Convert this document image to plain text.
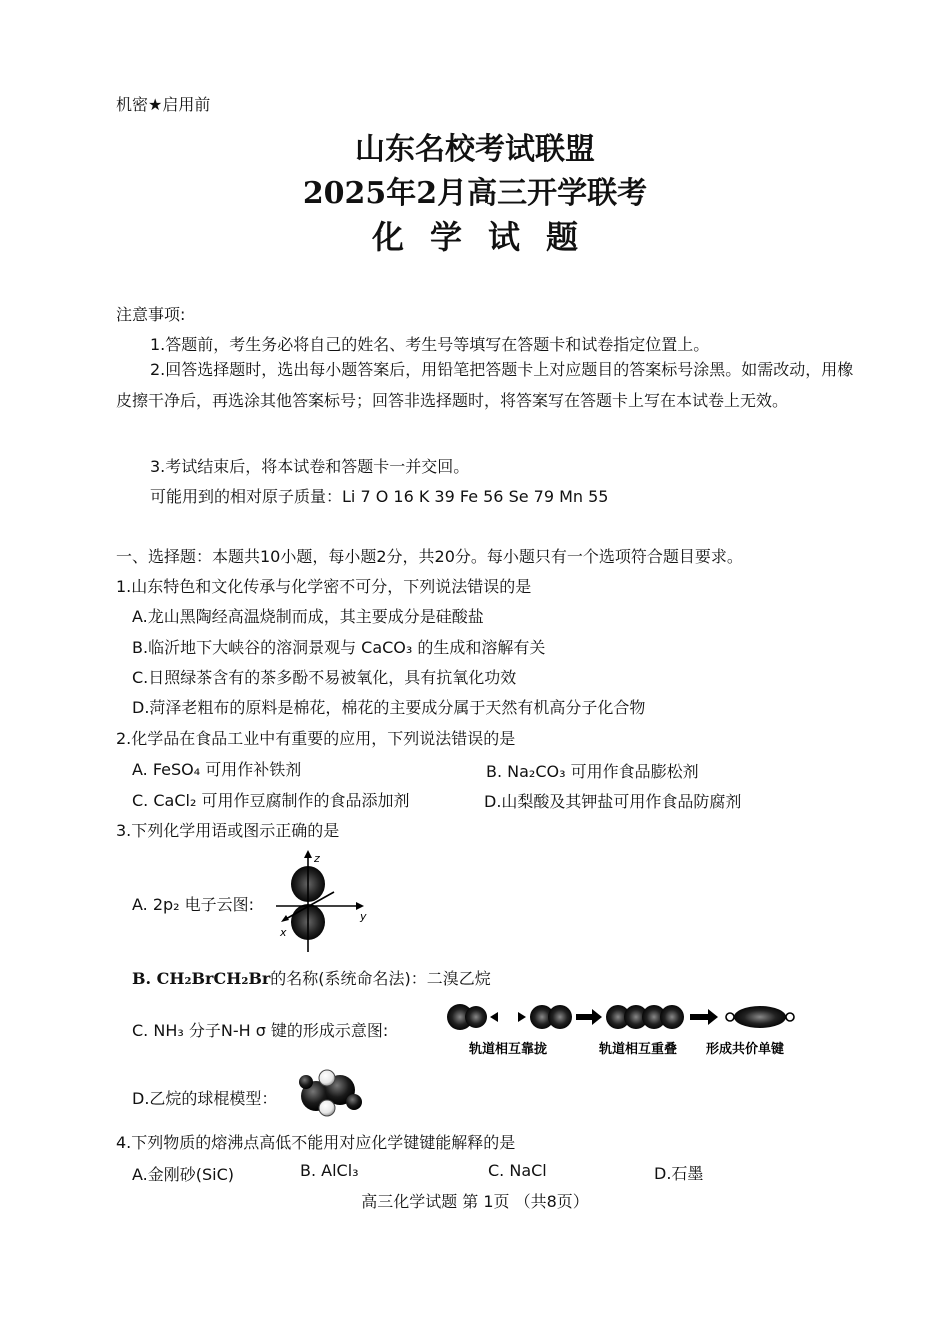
机密★启用前
山东名校考试联盟
2025年2月高三开学联考
化学试题
注意事项:
1.答题前，考生务必将自己的姓名、考生号等填写在答题卡和试卷指定位置上。
2.回答选择题时，选出每小题答案后，用铅笔把答题卡上对应题目的答案标号涂黑。如需改动，用橡皮擦干净后，再选涂其他答案标号；回答非选择题时，将答案写在答题卡上写在本试卷上无效。
3.考试结束后，将本试卷和答题卡一并交回。
可能用到的相对原子质量：Li 7 O 16 K 39 Fe 56 Se 79 Mn 55
一、选择题：本题共10小题，每小题2分，共20分。每小题只有一个选项符合题目要求。
1.山东特色和文化传承与化学密不可分，下列说法错误的是
A.龙山黑陶经高温烧制而成，其主要成分是硅酸盐
B.临沂地下大峡谷的溶洞景观与 CaCO₃ 的生成和溶解有关
C.日照绿茶含有的茶多酚不易被氧化，具有抗氧化功效
D.菏泽老粗布的原料是棉花，棉花的主要成分属于天然有机高分子化合物
2.化学品在食品工业中有重要的应用，下列说法错误的是
A. FeSO₄ 可用作补铁剂	B. Na₂CO₃ 可用作食品膨松剂
C. CaCl₂ 可用作豆腐制作的食品添加剂	D.山梨酸及其钾盐可用作食品防腐剂
3.下列化学用语或图示正确的是
A. 2p₂ 电子云图:
z
y
x
B. CH₂BrCH₂Br的名称(系统命名法)：二溴乙烷
C. NH₃ 分子N-H σ 键的形成示意图:
轨道相互靠拢	轨道相互重叠 形成共价单键
D.乙烷的球棍模型：
4.下列物质的熔沸点高低不能用对应化学键键能解释的是
A.金刚砂(SiC)	B. AlCl₃	C. NaCl	D.石墨
高三化学试题 第 1页 （共8页）
